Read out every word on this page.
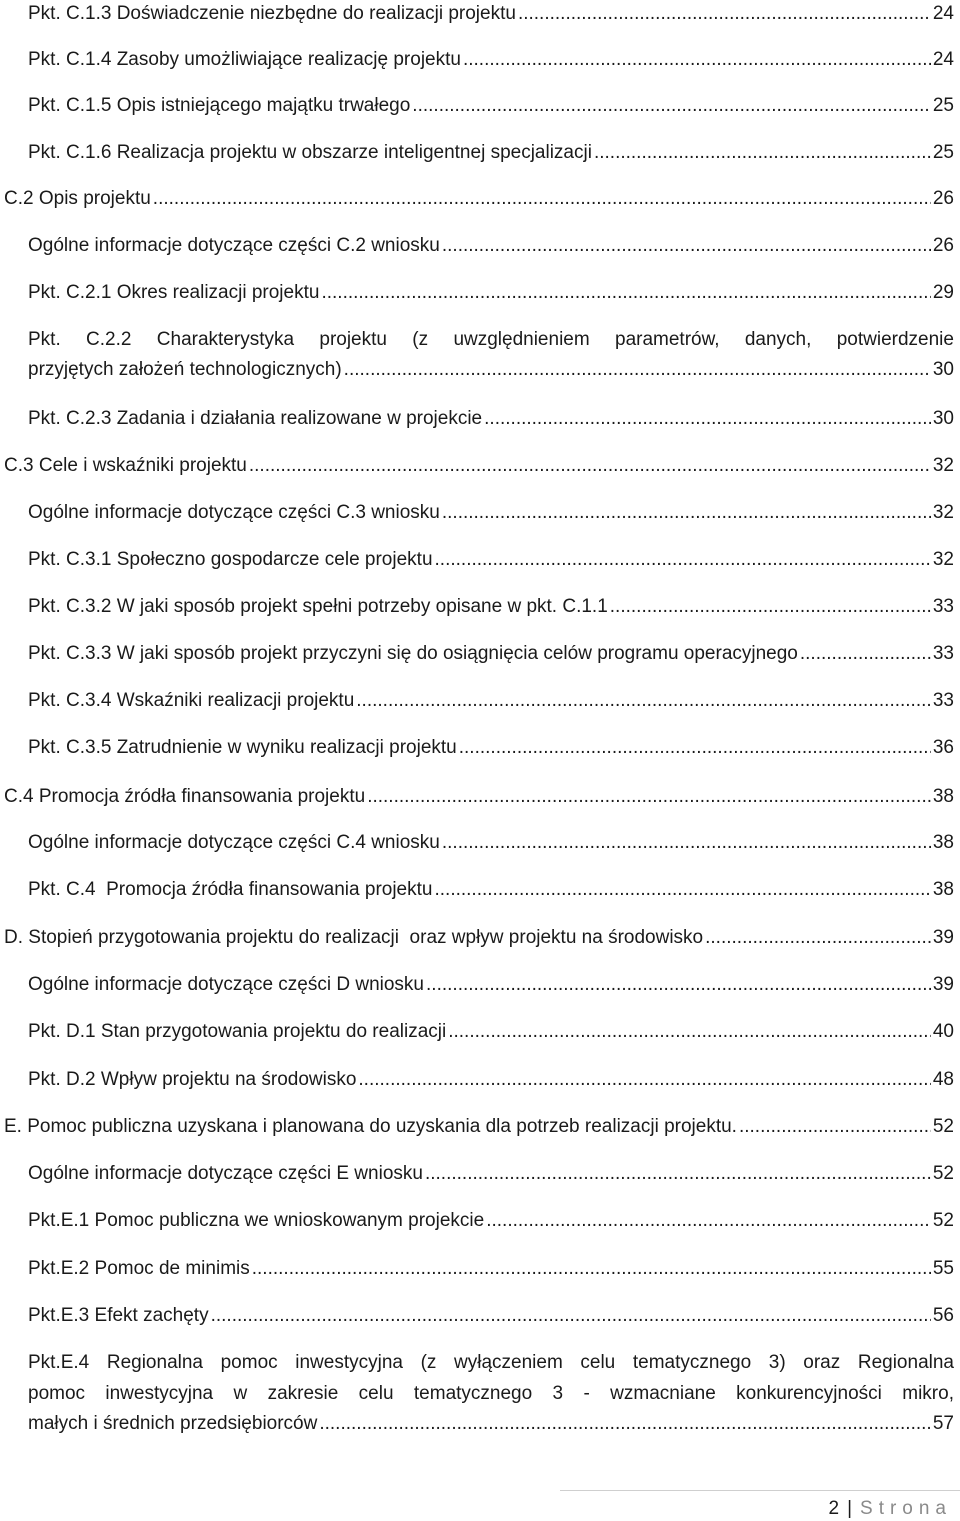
Pkt. C.1.3 Doświadczenie niezbędne do realizacji projektu .....	24
Pkt. C.1.4 Zasoby umożliwiające realizację projektu .....	24
Pkt. C.1.5 Opis istniejącego majątku trwałego .....	25
Pkt. C.1.6 Realizacja projektu w obszarze inteligentnej specjalizacji .....	25
C.2 Opis projektu .....	26
Ogólne informacje dotyczące części C.2 wniosku .....	26
Pkt. C.2.1 Okres realizacji projektu .....	29
Pkt. C.2.2 Charakterystyka projektu (z uwzględnieniem parametrów, danych, potwierdzenie
przyjętych założeń technologicznych) .....	30
Pkt. C.2.3 Zadania i działania realizowane w projekcie .....	30
C.3 Cele i wskaźniki projektu .....	32
Ogólne informacje dotyczące części C.3 wniosku .....	32
Pkt. C.3.1 Społeczno gospodarcze cele projektu .....	32
Pkt. C.3.2 W jaki sposób projekt spełni potrzeby opisane w pkt. C.1.1 .....	33
Pkt. C.3.3 W jaki sposób projekt przyczyni się do osiągnięcia celów programu operacyjnego .....	33
Pkt. C.3.4 Wskaźniki realizacji projektu .....	33
Pkt. C.3.5 Zatrudnienie w wyniku realizacji projektu .....	36
C.4 Promocja źródła finansowania projektu .....	38
Ogólne informacje dotyczące części C.4 wniosku .....	38
Pkt. C.4  Promocja źródła finansowania projektu .....	38
D. Stopień przygotowania projektu do realizacji  oraz wpływ projektu na środowisko .....	39
Ogólne informacje dotyczące części D wniosku .....	39
Pkt. D.1 Stan przygotowania projektu do realizacji .....	40
Pkt. D.2 Wpływ projektu na środowisko .....	48
E. Pomoc publiczna uzyskana i planowana do uzyskania dla potrzeb realizacji projektu. .....	52
Ogólne informacje dotyczące części E wniosku .....	52
Pkt.E.1 Pomoc publiczna we wnioskowanym projekcie .....	52
Pkt.E.2 Pomoc de minimis .....	55
Pkt.E.3 Efekt zachęty .....	56
Pkt.E.4 Regionalna pomoc inwestycyjna (z wyłączeniem celu tematycznego 3) oraz Regionalna
pomoc inwestycyjna w zakresie celu tematycznego 3 - wzmacniane konkurencyjności mikro,
małych i średnich przedsiębiorców .....	57
2 | Strona
